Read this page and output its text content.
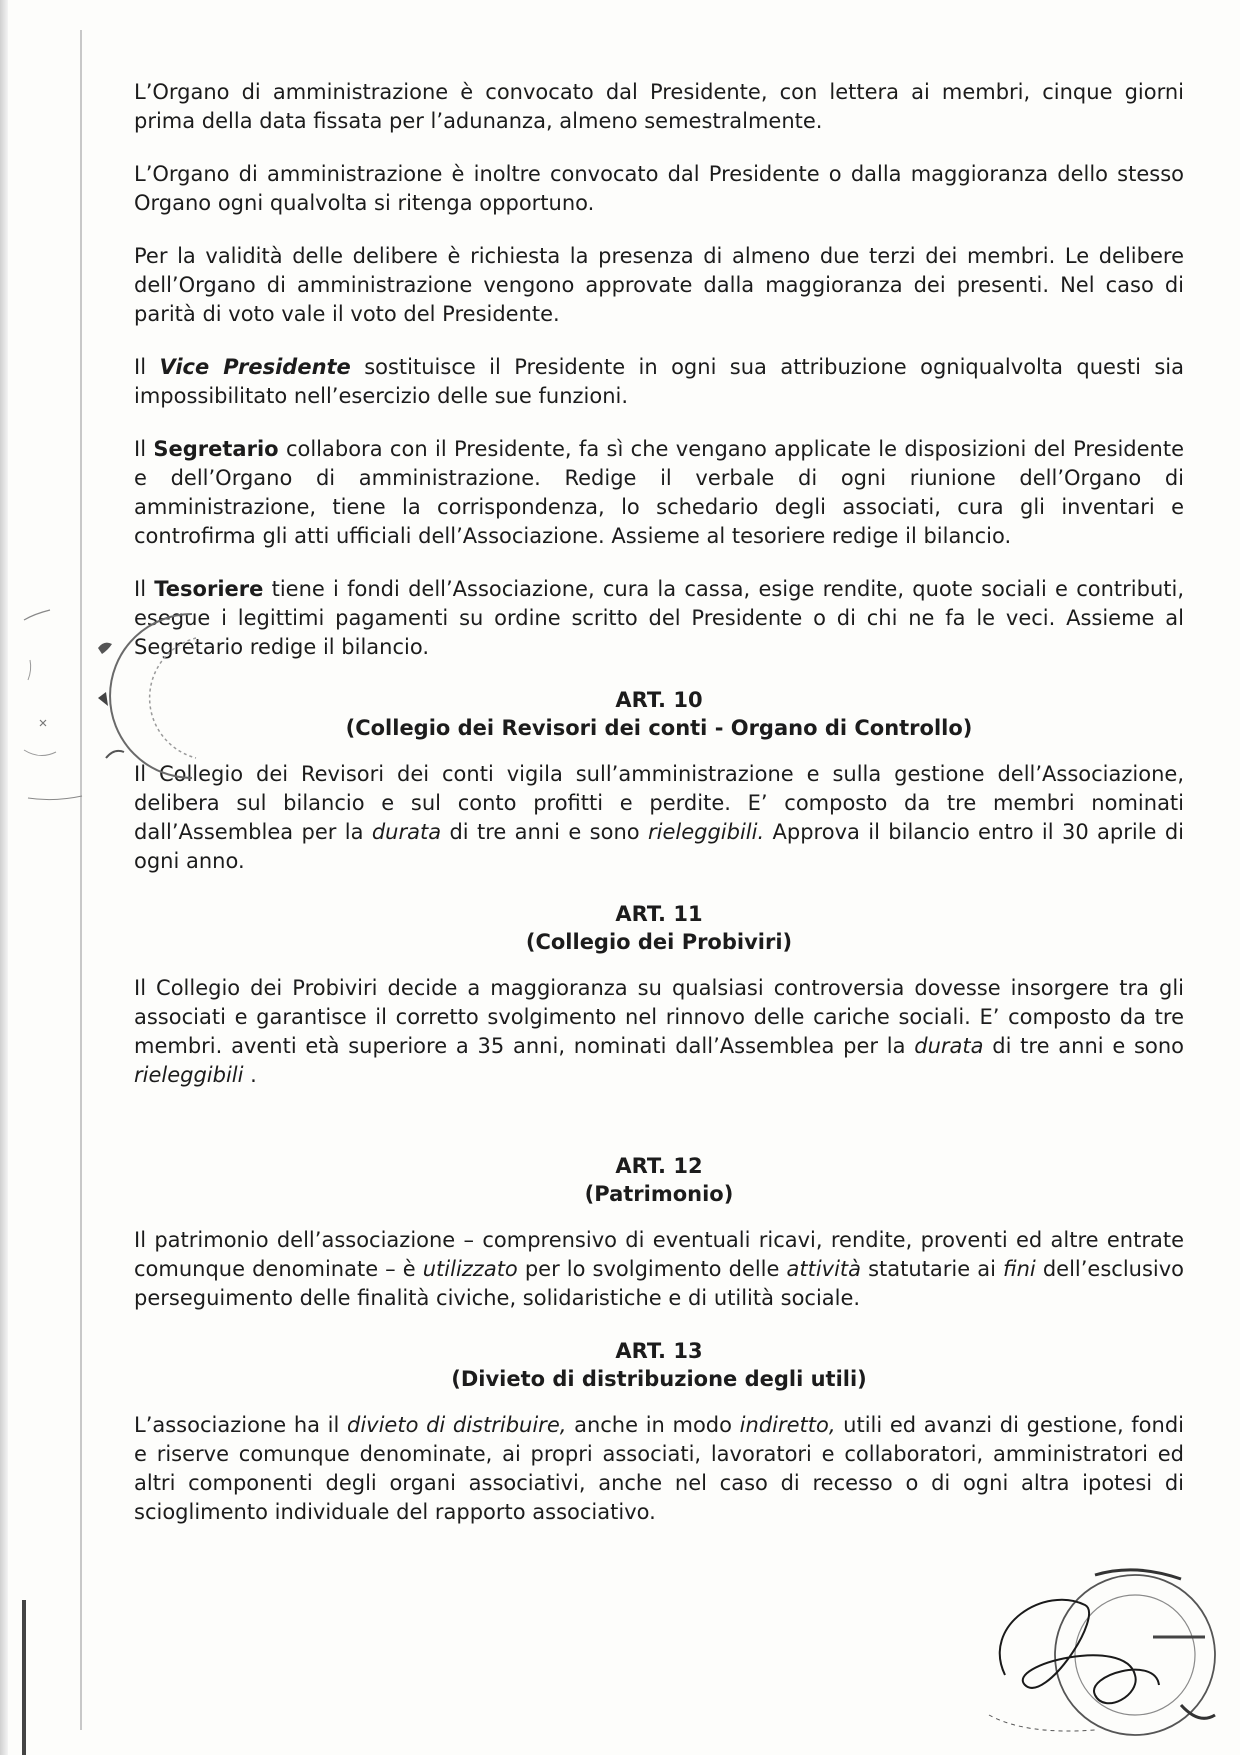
L’Organo di amministrazione è convocato dal Presidente, con lettera ai membri, cinque giorni prima della data fissata per l’adunanza, almeno semestralmente.

L’Organo di amministrazione è inoltre convocato dal Presidente o dalla maggioranza dello stesso Organo ogni qualvolta si ritenga opportuno.

Per la validità delle delibere è richiesta la presenza di almeno due terzi dei membri. Le delibere dell’Organo di amministrazione vengono approvate dalla maggioranza dei presenti. Nel caso di parità di voto vale il voto del Presidente.

Il Vice Presidente sostituisce il Presidente in ogni sua attribuzione ogniqualvolta questi sia impossibilitato nell’esercizio delle sue funzioni.

Il Segretario collabora con il Presidente, fa sì che vengano applicate le disposizioni del Presidente e dell’Organo di amministrazione. Redige il verbale di ogni riunione dell’Organo di amministrazione, tiene la corrispondenza, lo schedario degli associati, cura gli inventari e controfirma gli atti ufficiali dell’Associazione. Assieme al tesoriere redige il bilancio.

Il Tesoriere tiene i fondi dell’Associazione, cura la cassa, esige rendite, quote sociali e contributi, esegue i legittimi pagamenti su ordine scritto del Presidente o di chi ne fa le veci. Assieme al Segretario redige il bilancio.

ART. 10
(Collegio dei Revisori dei conti - Organo di Controllo)

Il Collegio dei Revisori dei conti vigila sull’amministrazione e sulla gestione dell’Associazione, delibera sul bilancio e sul conto profitti e perdite. E’ composto da tre membri nominati dall’Assemblea per la durata di tre anni e sono rieleggibili. Approva il bilancio entro il 30 aprile di ogni anno.

ART. 11
(Collegio dei Probiviri)

Il Collegio dei Probiviri decide a maggioranza su qualsiasi controversia dovesse insorgere tra gli associati e garantisce il corretto svolgimento nel rinnovo delle cariche sociali. E’ composto da tre membri. aventi età superiore a 35 anni, nominati dall’Assemblea per la durata di tre anni e sono rieleggibili .

ART. 12
(Patrimonio)

Il patrimonio dell’associazione – comprensivo di eventuali ricavi, rendite, proventi ed altre entrate comunque denominate – è utilizzato per lo svolgimento delle attività statutarie ai fini dell’esclusivo perseguimento delle finalità civiche, solidaristiche e di utilità sociale.

ART. 13
(Divieto di distribuzione degli utili)

L’associazione ha il divieto di distribuire, anche in modo indiretto, utili ed avanzi di gestione, fondi e riserve comunque denominate, ai propri associati, lavoratori e collaboratori, amministratori ed altri componenti degli organi associativi, anche nel caso di recesso o di ogni altra ipotesi di scioglimento individuale del rapporto associativo.
